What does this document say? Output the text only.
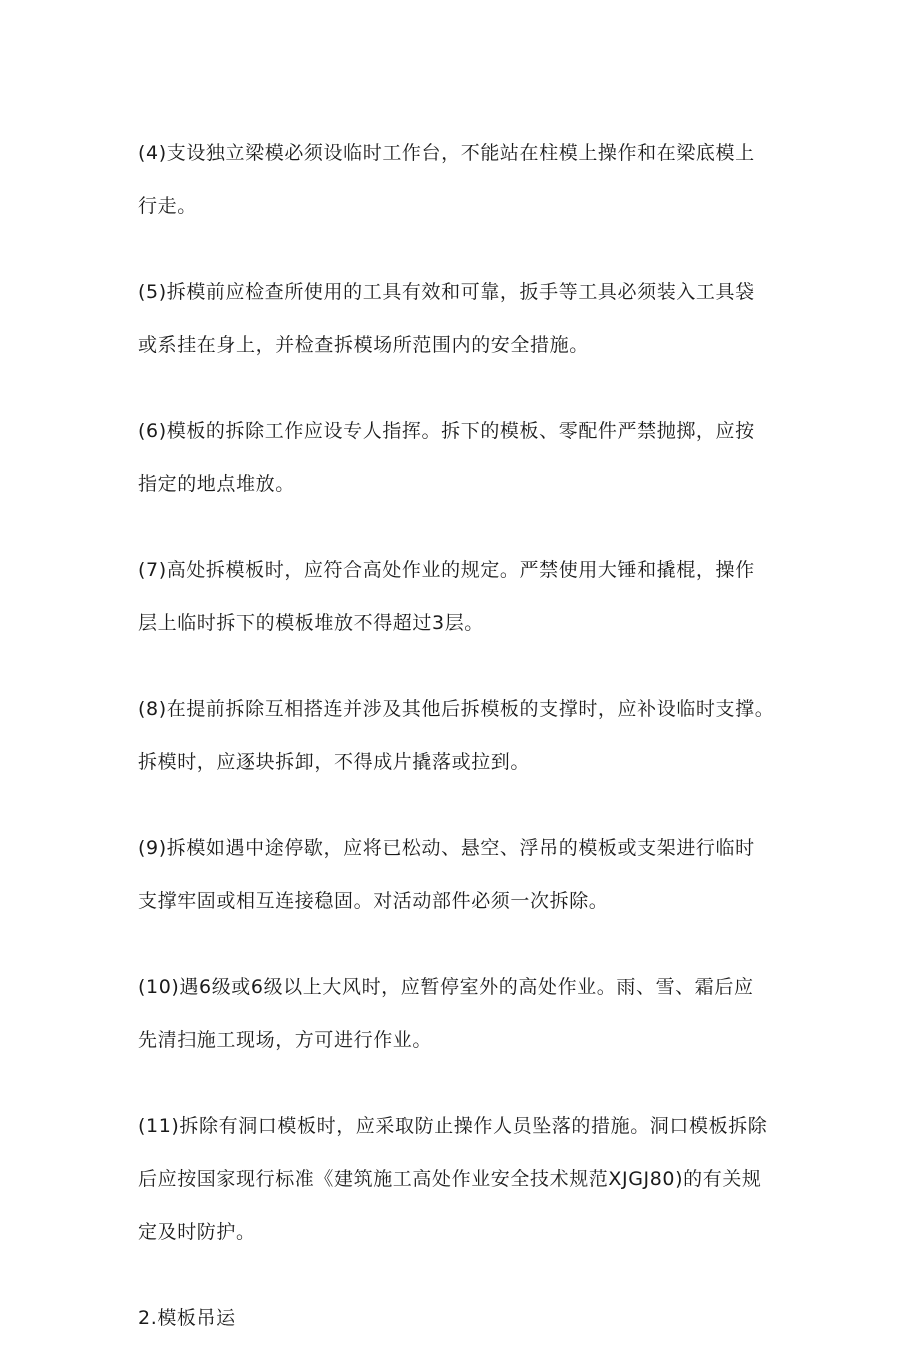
(4)支设独立梁模必须设临时工作台，不能站在柱模上操作和在梁底模上
行走。

(5)拆模前应检查所使用的工具有效和可靠，扳手等工具必须装入工具袋
或系挂在身上，并检查拆模场所范围内的安全措施。

(6)模板的拆除工作应设专人指挥。拆下的模板、零配件严禁抛掷，应按
指定的地点堆放。

(7)高处拆模板时，应符合高处作业的规定。严禁使用大锤和撬棍，操作
层上临时拆下的模板堆放不得超过3层。

(8)在提前拆除互相搭连并涉及其他后拆模板的支撑时，应补设临时支撑。
拆模时，应逐块拆卸，不得成片撬落或拉到。

(9)拆模如遇中途停歇，应将已松动、悬空、浮吊的模板或支架进行临时
支撑牢固或相互连接稳固。对活动部件必须一次拆除。

(10)遇6级或6级以上大风时，应暂停室外的高处作业。雨、雪、霜后应
先清扫施工现场，方可进行作业。

(11)拆除有洞口模板时，应采取防止操作人员坠落的措施。洞口模板拆除
后应按国家现行标准《建筑施工高处作业安全技术规范XJGJ80)的有关规
定及时防护。

2.模板吊运
